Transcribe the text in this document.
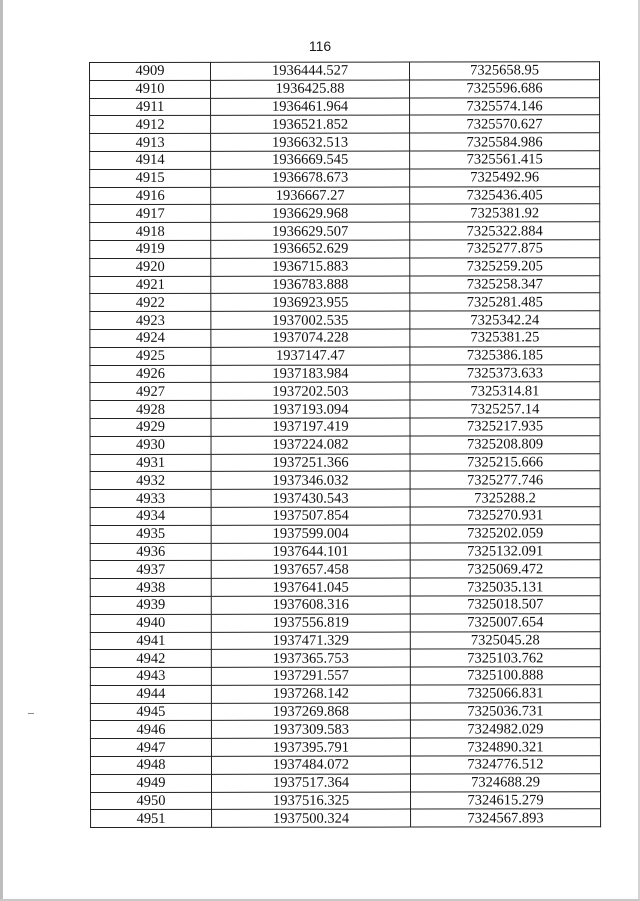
116
4909	1936444.527	7325658.95
4910	1936425.88	7325596.686
4911	1936461.964	7325574.146
4912	1936521.852	7325570.627
4913	1936632.513	7325584.986
4914	1936669.545	7325561.415
4915	1936678.673	7325492.96
4916	1936667.27	7325436.405
4917	1936629.968	7325381.92
4918	1936629.507	7325322.884
4919	1936652.629	7325277.875
4920	1936715.883	7325259.205
4921	1936783.888	7325258.347
4922	1936923.955	7325281.485
4923	1937002.535	7325342.24
4924	1937074.228	7325381.25
4925	1937147.47	7325386.185
4926	1937183.984	7325373.633
4927	1937202.503	7325314.81
4928	1937193.094	7325257.14
4929	1937197.419	7325217.935
4930	1937224.082	7325208.809
4931	1937251.366	7325215.666
4932	1937346.032	7325277.746
4933	1937430.543	7325288.2
4934	1937507.854	7325270.931
4935	1937599.004	7325202.059
4936	1937644.101	7325132.091
4937	1937657.458	7325069.472
4938	1937641.045	7325035.131
4939	1937608.316	7325018.507
4940	1937556.819	7325007.654
4941	1937471.329	7325045.28
4942	1937365.753	7325103.762
4943	1937291.557	7325100.888
4944	1937268.142	7325066.831
4945	1937269.868	7325036.731
4946	1937309.583	7324982.029
4947	1937395.791	7324890.321
4948	1937484.072	7324776.512
4949	1937517.364	7324688.29
4950	1937516.325	7324615.279
4951	1937500.324	7324567.893
